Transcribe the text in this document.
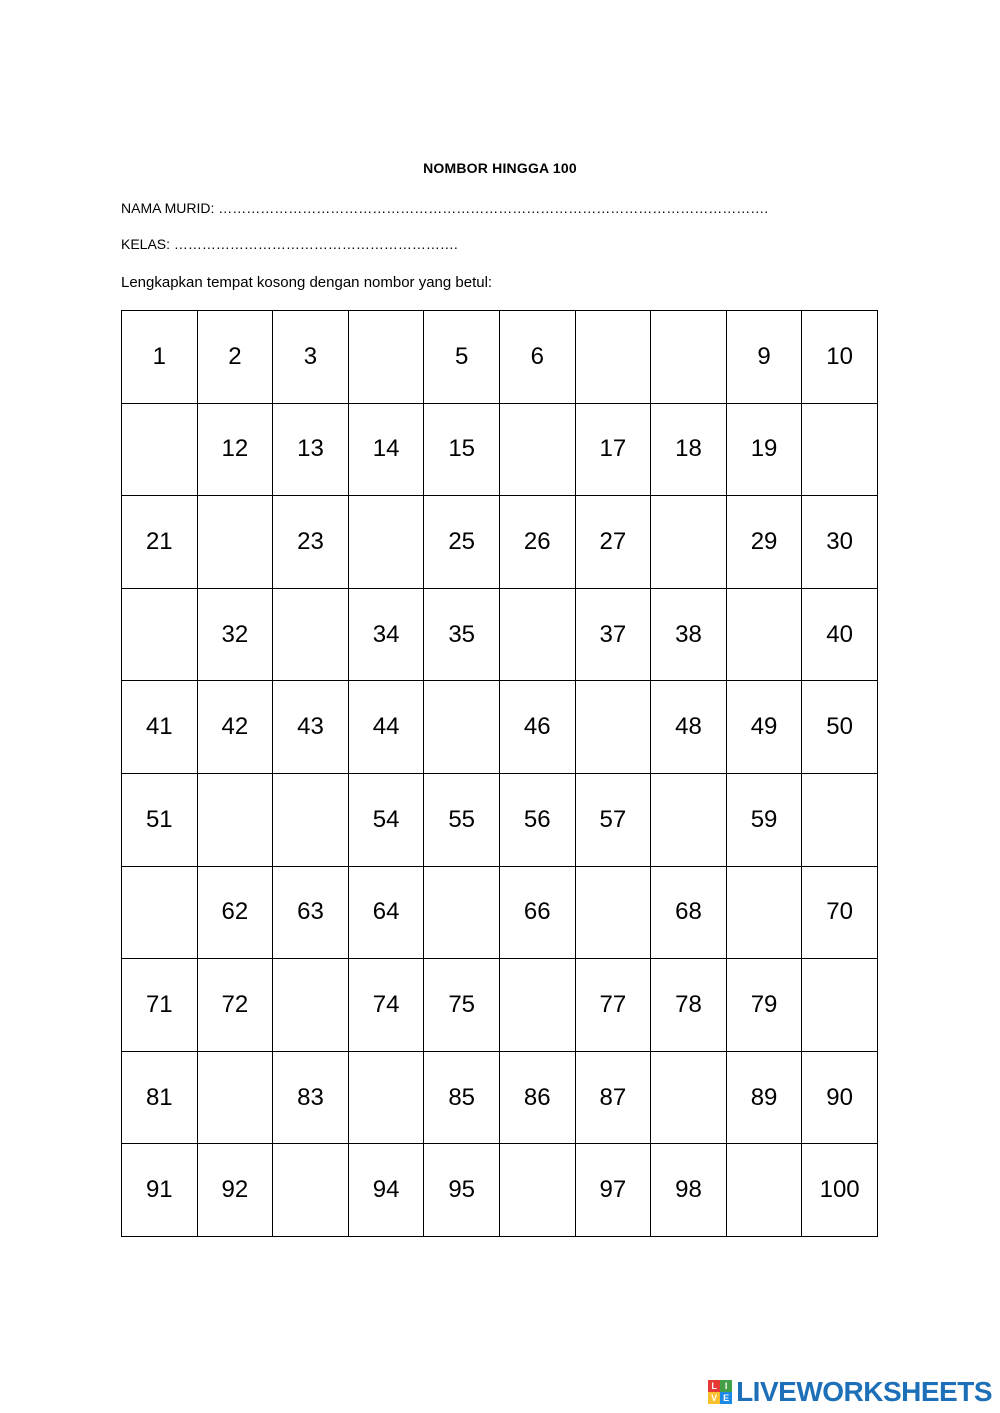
NOMBOR HINGGA 100
NAMA MURID: ……………………………………………………………………………………………………….
KELAS: …………………………………………………….
Lengkapkan tempat kosong dengan nombor yang betul:
1	2	3		5	6			9	10
	12	13	14	15		17	18	19	
21		23		25	26	27		29	30
	32		34	35		37	38		40
41	42	43	44		46		48	49	50
51			54	55	56	57		59	
	62	63	64		66		68		70
71	72		74	75		77	78	79	
81		83		85	86	87		89	90
91	92		94	95		97	98		100
L I
V E LIVEWORKSHEETS
